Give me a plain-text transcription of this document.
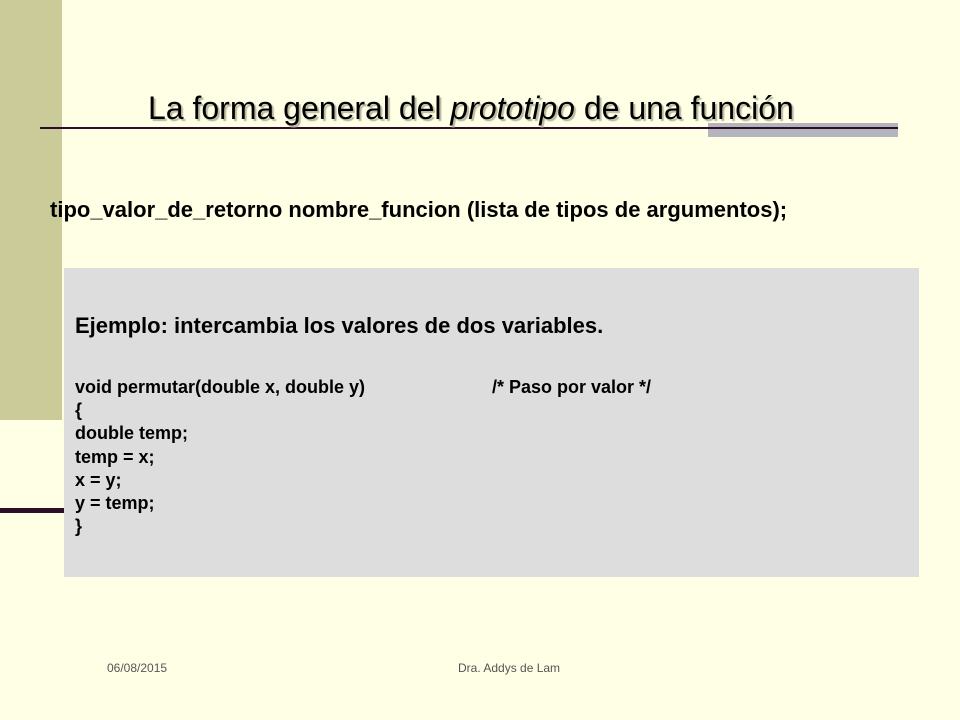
La forma general del prototipo de una función
tipo_valor_de_retorno nombre_funcion (lista de tipos de argumentos);
Ejemplo: intercambia los valores de dos variables.
void permutar(double x, double y)	/* Paso por valor */
{
double temp;
temp = x;
x = y;
y = temp;
}
06/08/2015	Dra. Addys de Lam
